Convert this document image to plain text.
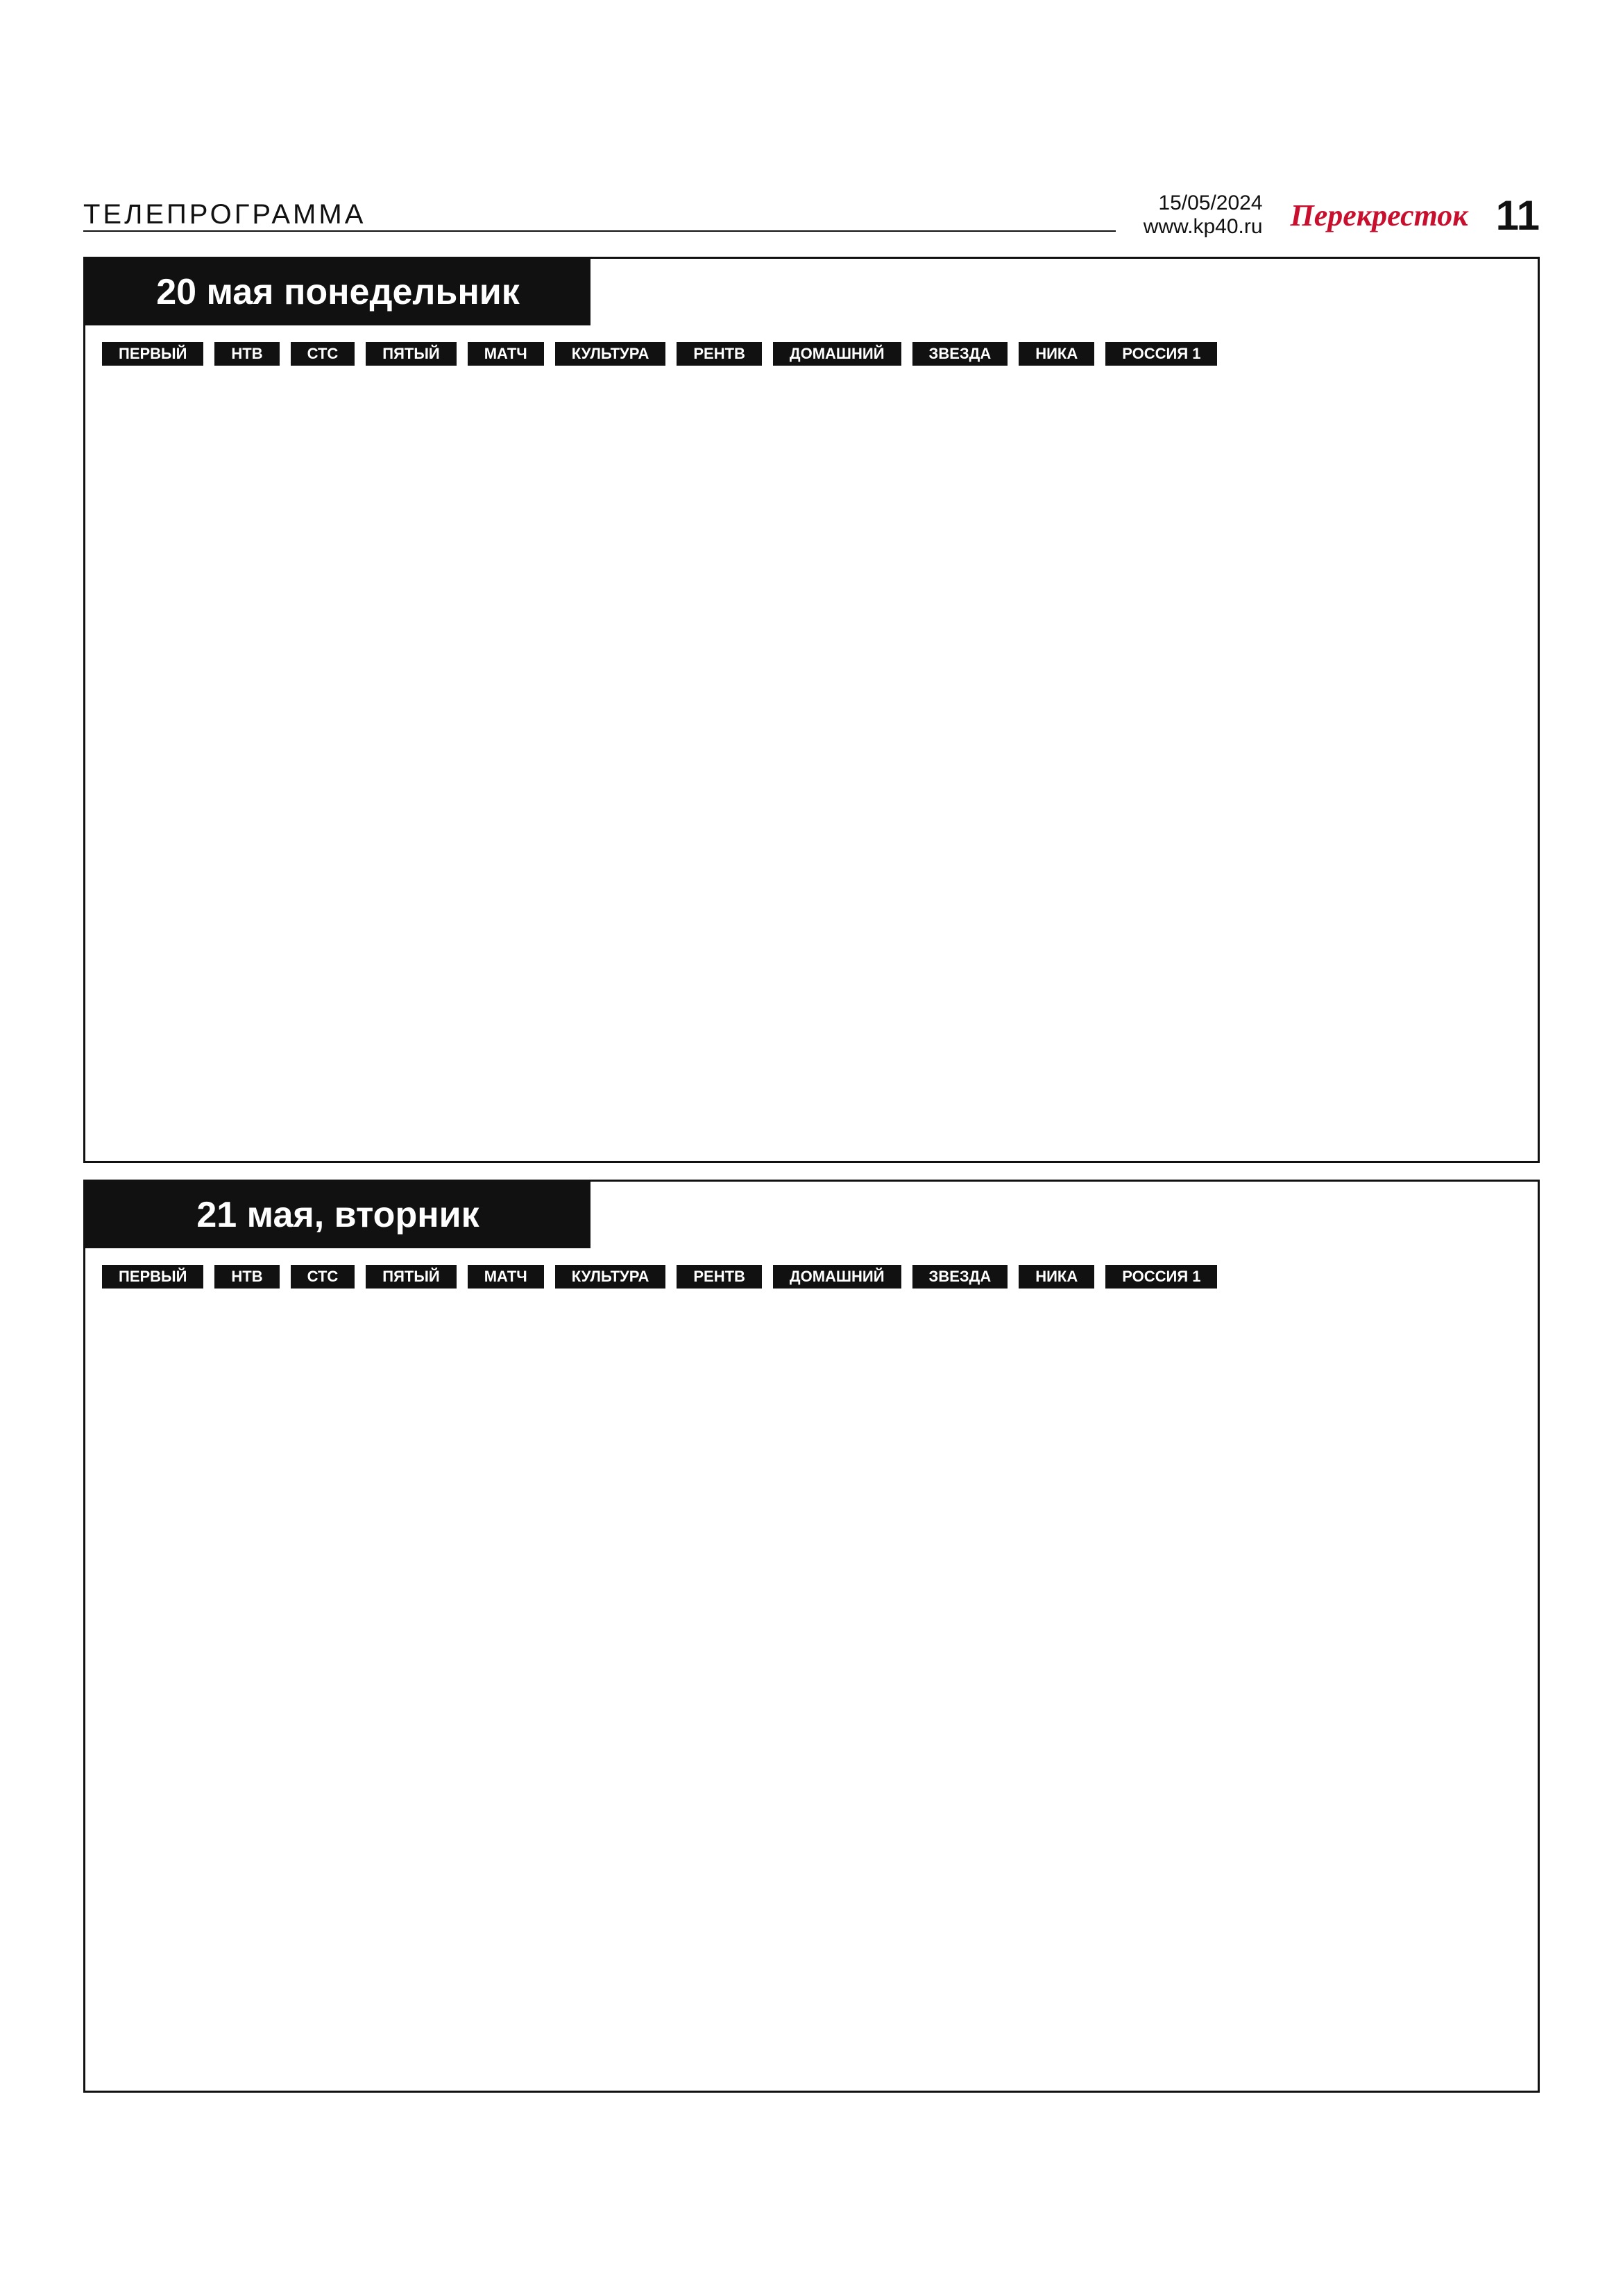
ТЕЛЕПРОГРАММА	15/05/2024
www.kp40.ru Перекресток 11
20 мая понедельник
ПЕРВЫЙ	НТВ	СТС	ПЯТЫЙ	МАТЧ	КУЛЬТУРА	РЕНТВ	ДОМАШНИЙ	ЗВЕЗДА	НИКА	РОССИЯ 1
21 мая, вторник
ПЕРВЫЙ	НТВ	СТС	ПЯТЫЙ	МАТЧ	КУЛЬТУРА	РЕНТВ	ДОМАШНИЙ	ЗВЕЗДА	НИКА	РОССИЯ 1
